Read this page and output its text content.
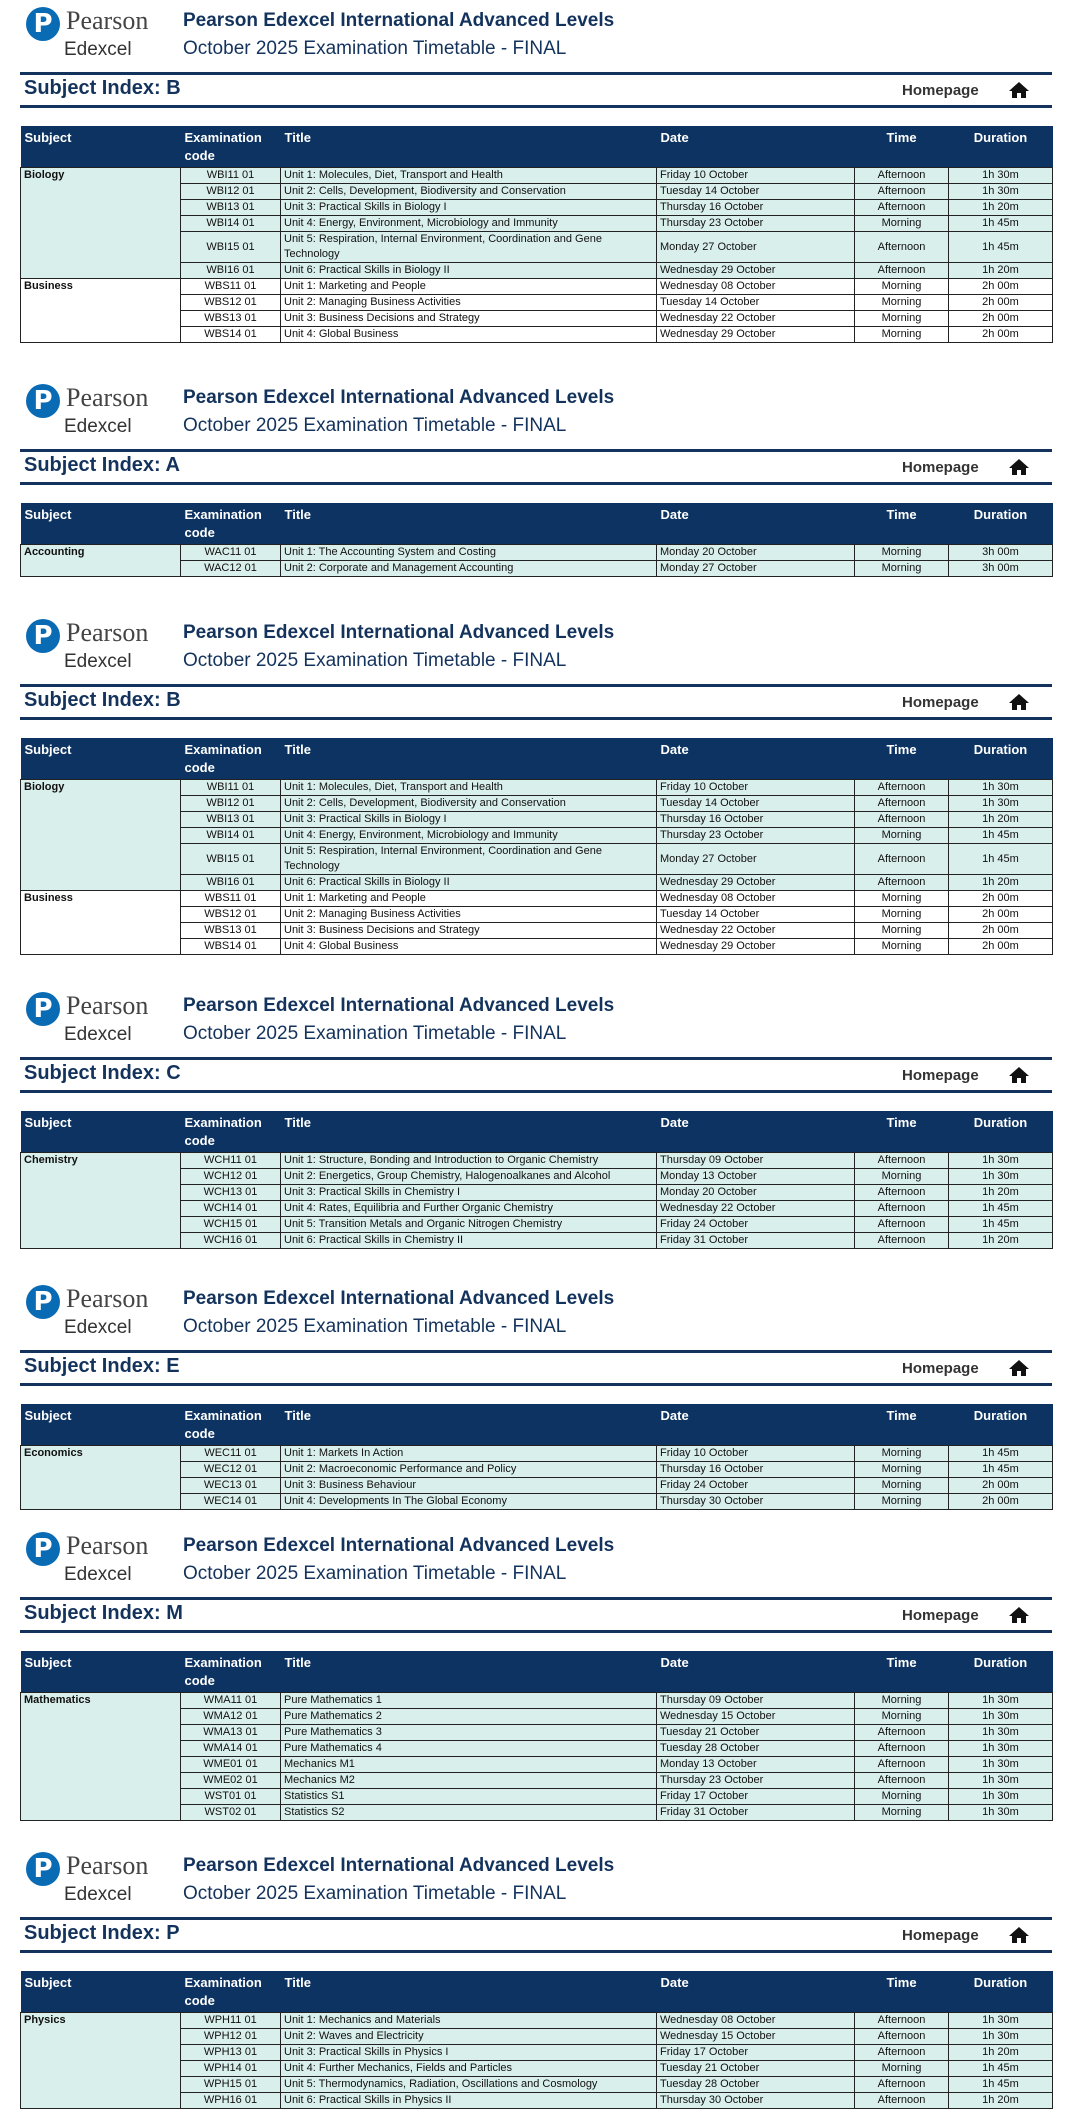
P Pearson
Edexcel
Pearson Edexcel International Advanced Levels
October 2025 Examination Timetable - FINAL
Subject Index: B	Homepage
Subject	Examination code	Title	Date	Time	Duration
Biology	WBI11 01	Unit 1: Molecules, Diet, Transport and Health	Friday 10 October	Afternoon	1h 30m
	WBI12 01	Unit 2: Cells, Development, Biodiversity and Conservation	Tuesday 14 October	Afternoon	1h 30m
	WBI13 01	Unit 3: Practical Skills in Biology I	Thursday 16 October	Afternoon	1h 20m
	WBI14 01	Unit 4: Energy, Environment, Microbiology and Immunity	Thursday 23 October	Morning	1h 45m
	WBI15 01	Unit 5: Respiration, Internal Environment, Coordination and Gene Technology	Monday 27 October	Afternoon	1h 45m
	WBI16 01	Unit 6: Practical Skills in Biology II	Wednesday 29 October	Afternoon	1h 20m
Business	WBS11 01	Unit 1: Marketing and People	Wednesday 08 October	Morning	2h 00m
	WBS12 01	Unit 2: Managing Business Activities	Tuesday 14 October	Morning	2h 00m
	WBS13 01	Unit 3: Business Decisions and Strategy	Wednesday 22 October	Morning	2h 00m
	WBS14 01	Unit 4: Global Business	Wednesday 29 October	Morning	2h 00m
P Pearson
Edexcel
Pearson Edexcel International Advanced Levels
October 2025 Examination Timetable - FINAL
Subject Index: A	Homepage
Subject	Examination code	Title	Date	Time	Duration
Accounting	WAC11 01	Unit 1: The Accounting System and Costing	Monday 20 October	Morning	3h 00m
	WAC12 01	Unit 2: Corporate and Management Accounting	Monday 27 October	Morning	3h 00m
P Pearson
Edexcel
Pearson Edexcel International Advanced Levels
October 2025 Examination Timetable - FINAL
Subject Index: B	Homepage
Subject	Examination code	Title	Date	Time	Duration
Biology	WBI11 01	Unit 1: Molecules, Diet, Transport and Health	Friday 10 October	Afternoon	1h 30m
	WBI12 01	Unit 2: Cells, Development, Biodiversity and Conservation	Tuesday 14 October	Afternoon	1h 30m
	WBI13 01	Unit 3: Practical Skills in Biology I	Thursday 16 October	Afternoon	1h 20m
	WBI14 01	Unit 4: Energy, Environment, Microbiology and Immunity	Thursday 23 October	Morning	1h 45m
	WBI15 01	Unit 5: Respiration, Internal Environment, Coordination and Gene Technology	Monday 27 October	Afternoon	1h 45m
	WBI16 01	Unit 6: Practical Skills in Biology II	Wednesday 29 October	Afternoon	1h 20m
Business	WBS11 01	Unit 1: Marketing and People	Wednesday 08 October	Morning	2h 00m
	WBS12 01	Unit 2: Managing Business Activities	Tuesday 14 October	Morning	2h 00m
	WBS13 01	Unit 3: Business Decisions and Strategy	Wednesday 22 October	Morning	2h 00m
	WBS14 01	Unit 4: Global Business	Wednesday 29 October	Morning	2h 00m
P Pearson
Edexcel
Pearson Edexcel International Advanced Levels
October 2025 Examination Timetable - FINAL
Subject Index: C	Homepage
Subject	Examination code	Title	Date	Time	Duration
Chemistry	WCH11 01	Unit 1: Structure, Bonding and Introduction to Organic Chemistry	Thursday 09 October	Afternoon	1h 30m
	WCH12 01	Unit 2: Energetics, Group Chemistry, Halogenoalkanes and Alcohol	Monday 13 October	Morning	1h 30m
	WCH13 01	Unit 3: Practical Skills in Chemistry I	Monday 20 October	Afternoon	1h 20m
	WCH14 01	Unit 4: Rates, Equilibria and Further Organic Chemistry	Wednesday 22 October	Afternoon	1h 45m
	WCH15 01	Unit 5: Transition Metals and Organic Nitrogen Chemistry	Friday 24 October	Afternoon	1h 45m
	WCH16 01	Unit 6: Practical Skills in Chemistry II	Friday 31 October	Afternoon	1h 20m
P Pearson
Edexcel
Pearson Edexcel International Advanced Levels
October 2025 Examination Timetable - FINAL
Subject Index: E	Homepage
Subject	Examination code	Title	Date	Time	Duration
Economics	WEC11 01	Unit 1: Markets In Action	Friday 10 October	Morning	1h 45m
	WEC12 01	Unit 2: Macroeconomic Performance and Policy	Thursday 16 October	Morning	1h 45m
	WEC13 01	Unit 3: Business Behaviour	Friday 24 October	Morning	2h 00m
	WEC14 01	Unit 4: Developments In The Global Economy	Thursday 30 October	Morning	2h 00m
P Pearson
Edexcel
Pearson Edexcel International Advanced Levels
October 2025 Examination Timetable - FINAL
Subject Index: M	Homepage
Subject	Examination code	Title	Date	Time	Duration
Mathematics	WMA11 01	Pure Mathematics 1	Thursday 09 October	Morning	1h 30m
	WMA12 01	Pure Mathematics 2	Wednesday 15 October	Morning	1h 30m
	WMA13 01	Pure Mathematics 3	Tuesday 21 October	Afternoon	1h 30m
	WMA14 01	Pure Mathematics 4	Tuesday 28 October	Afternoon	1h 30m
	WME01 01	Mechanics M1	Monday 13 October	Afternoon	1h 30m
	WME02 01	Mechanics M2	Thursday 23 October	Afternoon	1h 30m
	WST01 01	Statistics S1	Friday 17 October	Morning	1h 30m
	WST02 01	Statistics S2	Friday 31 October	Morning	1h 30m
P Pearson
Edexcel
Pearson Edexcel International Advanced Levels
October 2025 Examination Timetable - FINAL
Subject Index: P	Homepage
Subject	Examination code	Title	Date	Time	Duration
Physics	WPH11 01	Unit 1: Mechanics and Materials	Wednesday 08 October	Afternoon	1h 30m
	WPH12 01	Unit 2: Waves and Electricity	Wednesday 15 October	Afternoon	1h 30m
	WPH13 01	Unit 3: Practical Skills in Physics I	Friday 17 October	Afternoon	1h 20m
	WPH14 01	Unit 4: Further Mechanics, Fields and Particles	Tuesday 21 October	Morning	1h 45m
	WPH15 01	Unit 5: Thermodynamics, Radiation, Oscillations and Cosmology	Tuesday 28 October	Afternoon	1h 45m
	WPH16 01	Unit 6: Practical Skills in Physics II	Thursday 30 October	Afternoon	1h 20m
